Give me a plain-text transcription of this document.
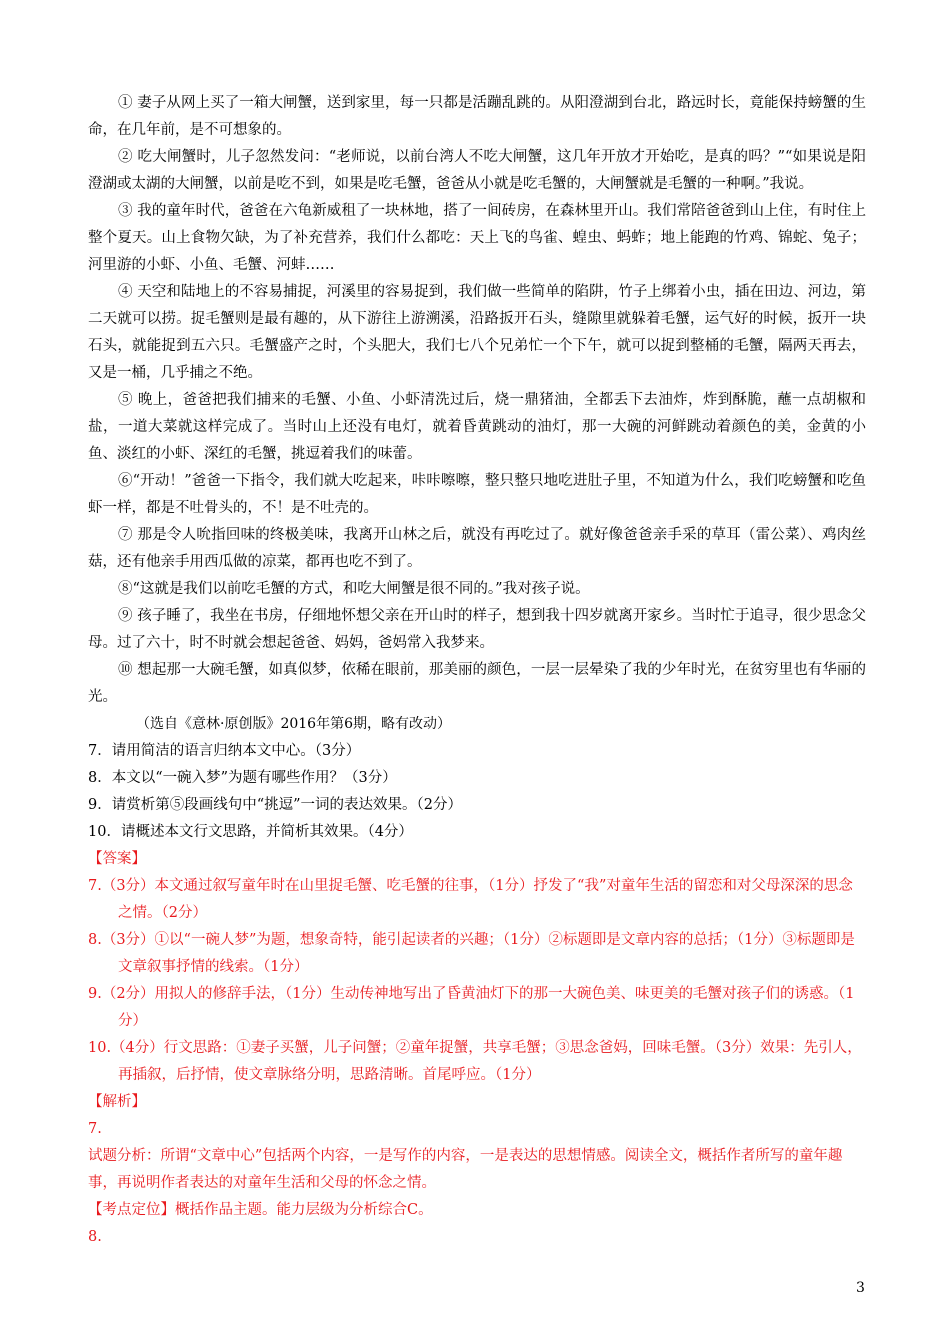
① 妻子从网上买了一箱大闸蟹，送到家里，每一只都是活蹦乱跳的。从阳澄湖到台北，路远时长，竟能保持螃蟹的生命，在几年前，是不可想象的。

② 吃大闸蟹时，儿子忽然发问：“老师说，以前台湾人不吃大闸蟹，这几年开放才开始吃，是真的吗？”“如果说是阳澄湖或太湖的大闸蟹，以前是吃不到，如果是吃毛蟹，爸爸从小就是吃毛蟹的，大闸蟹就是毛蟹的一种啊。”我说。

③ 我的童年时代，爸爸在六龟新威租了一块林地，搭了一间砖房，在森林里开山。我们常陪爸爸到山上住，有时住上整个夏天。山上食物欠缺，为了补充营养，我们什么都吃：天上飞的鸟雀、蝗虫、蚂蚱；地上能跑的竹鸡、锦蛇、兔子；河里游的小虾、小鱼、毛蟹、河蚌……

④ 天空和陆地上的不容易捕捉，河溪里的容易捉到，我们做一些简单的陷阱，竹子上绑着小虫，插在田边、河边，第二天就可以捞。捉毛蟹则是最有趣的，从下游往上游溯溪，沿路扳开石头，缝隙里就躲着毛蟹，运气好的时候，扳开一块石头，就能捉到五六只。毛蟹盛产之时，个头肥大，我们七八个兄弟忙一个下午，就可以捉到整桶的毛蟹，隔两天再去，又是一桶，几乎捕之不绝。

⑤ 晚上，爸爸把我们捕来的毛蟹、小鱼、小虾清洗过后，烧一鼎猪油，全都丢下去油炸，炸到酥脆，蘸一点胡椒和盐，一道大菜就这样完成了。当时山上还没有电灯，就着昏黄跳动的油灯，那一大碗的河鲜跳动着颜色的美，金黄的小鱼、淡红的小虾、深红的毛蟹，挑逗着我们的味蕾。

⑥“开动！”爸爸一下指令，我们就大吃起来，咔咔嚓嚓，整只整只地吃进肚子里，不知道为什么，我们吃螃蟹和吃鱼虾一样，都是不吐骨头的，不！是不吐壳的。

⑦ 那是令人吮指回味的终极美味，我离开山林之后，就没有再吃过了。就好像爸爸亲手采的草耳（雷公菜）、鸡肉丝菇，还有他亲手用西瓜做的凉菜，都再也吃不到了。

⑧“这就是我们以前吃毛蟹的方式，和吃大闸蟹是很不同的。”我对孩子说。

⑨ 孩子睡了，我坐在书房，仔细地怀想父亲在开山时的样子，想到我十四岁就离开家乡。当时忙于追寻，很少思念父母。过了六十，时不时就会想起爸爸、妈妈，爸妈常入我梦来。

⑩ 想起那一大碗毛蟹，如真似梦，依稀在眼前，那美丽的颜色，一层一层晕染了我的少年时光，在贫穷里也有华丽的光。

（选自《意林·原创版》2016年第6期，略有改动）

7．请用简洁的语言归纳本文中心。（3分）

8．本文以“一碗入梦”为题有哪些作用？（3分）

9．请赏析第⑤段画线句中“挑逗”一词的表达效果。（2分）

10．请概述本文行文思路，并简析其效果。（4分）

【答案】

7.（3分）本文通过叙写童年时在山里捉毛蟹、吃毛蟹的往事，（1分）抒发了“我”对童年生活的留恋和对父母深深的思念之情。（2分）

8.（3分）①以“一碗人梦”为题，想象奇特，能引起读者的兴趣；（1分）②标题即是文章内容的总括；（1分）③标题即是文章叙事抒情的线索。（1分）

9.（2分）用拟人的修辞手法，（1分）生动传神地写出了昏黄油灯下的那一大碗色美、味更美的毛蟹对孩子们的诱惑。（1分）

10.（4分）行文思路：①妻子买蟹，儿子问蟹；②童年捉蟹，共享毛蟹；③思念爸妈，回味毛蟹。（3分）效果：先引人，再插叙，后抒情，使文章脉络分明，思路清晰。首尾呼应。（1分）

【解析】

7.

试题分析：所谓“文章中心”包括两个内容，一是写作的内容，一是表达的思想情感。阅读全文，概括作者所写的童年趣事，再说明作者表达的对童年生活和父母的怀念之情。

【考点定位】概括作品主题。能力层级为分析综合C。

8.

3
